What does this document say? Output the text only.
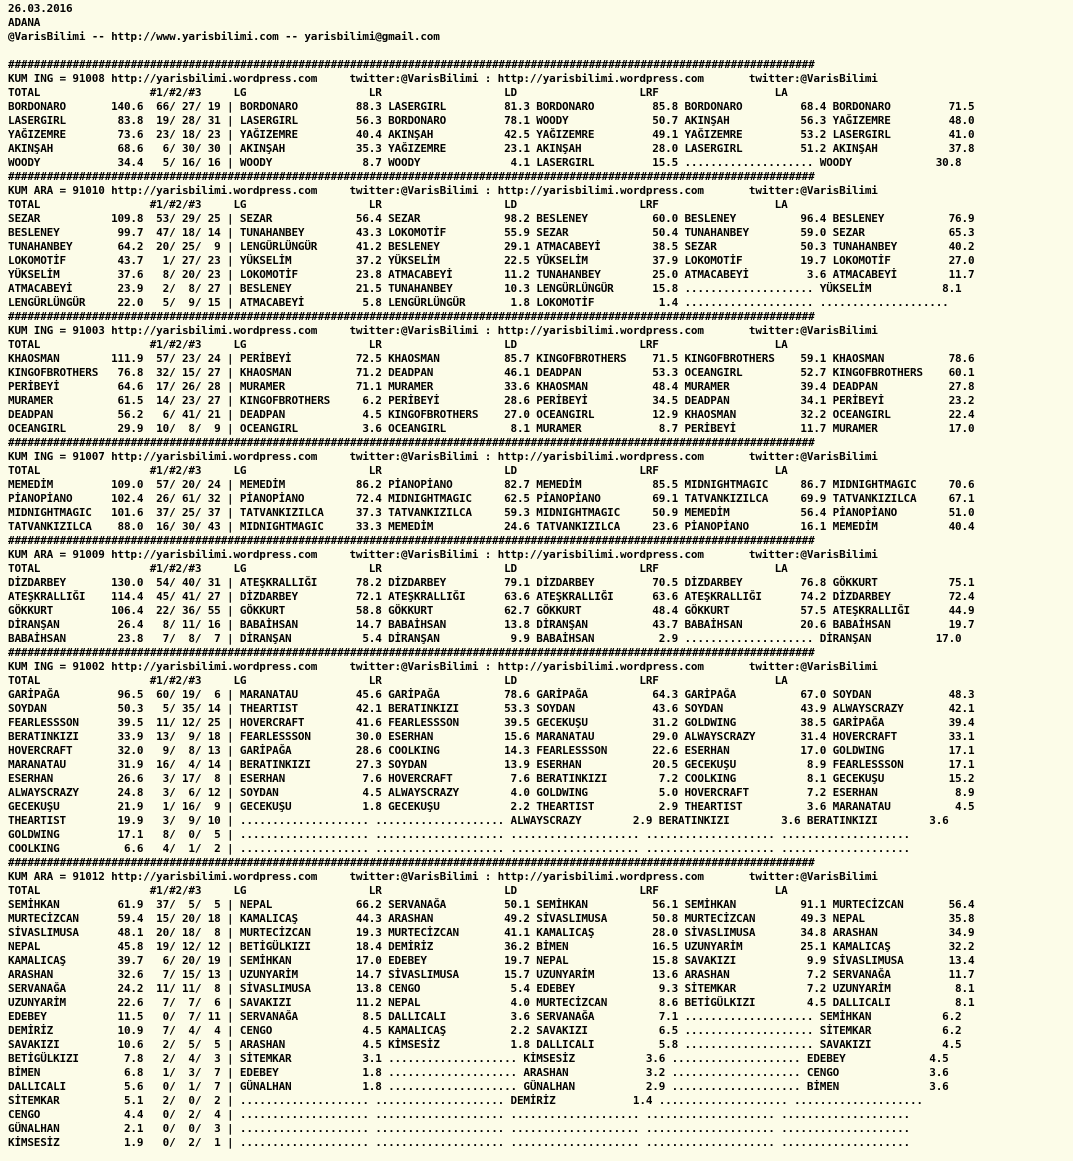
26.03.2016
ADANA
@VarisBilimi -- http://www.yarisbilimi.com -- yarisbilimi@gmail.com

#############################################################################################################################
KUM ING = 91008 http://yarisbilimi.wordpress.com     twitter:@VarisBilimi : http://yarisbilimi.wordpress.com       twitter:@VarisBilimi
TOTAL                 #1/#2/#3     LG                   LR                   LD                   LRF                  LA
BORDONARO       140.6  66/ 27/ 19 | BORDONARO         88.3 LASERGIRL         81.3 BORDONARO         85.8 BORDONARO         68.4 BORDONARO         71.5
LASERGIRL        83.8  19/ 28/ 31 | LASERGIRL         56.3 BORDONARO         78.1 WOODY             50.7 AKINŞAH           56.3 YAĞIZEMRE         48.0
YAĞIZEMRE        73.6  23/ 18/ 23 | YAĞIZEMRE         40.4 AKINŞAH           42.5 YAĞIZEMRE         49.1 YAĞIZEMRE         53.2 LASERGIRL         41.0
AKINŞAH          68.6   6/ 30/ 30 | AKINŞAH           35.3 YAĞIZEMRE         23.1 AKINŞAH           28.0 LASERGIRL         51.2 AKINŞAH           37.8
WOODY            34.4   5/ 16/ 16 | WOODY              8.7 WOODY              4.1 LASERGIRL         15.5 .................... WOODY             30.8
#############################################################################################################################
KUM ARA = 91010 http://yarisbilimi.wordpress.com     twitter:@VarisBilimi : http://yarisbilimi.wordpress.com       twitter:@VarisBilimi
TOTAL                 #1/#2/#3     LG                   LR                   LD                   LRF                  LA
SEZAR           109.8  53/ 29/ 25 | SEZAR             56.4 SEZAR             98.2 BESLENEY          60.0 BESLENEY          96.4 BESLENEY          76.9
BESLENEY         99.7  47/ 18/ 14 | TUNAHANBEY        43.3 LOKOMOTİF         55.9 SEZAR             50.4 TUNAHANBEY        59.0 SEZAR             65.3
TUNAHANBEY       64.2  20/ 25/  9 | LENGÜRLÜNGÜR      41.2 BESLENEY          29.1 ATMACABEYİ        38.5 SEZAR             50.3 TUNAHANBEY        40.2
LOKOMOTİF        43.7   1/ 27/ 23 | YÜKSELİM          37.2 YÜKSELİM          22.5 YÜKSELİM          37.9 LOKOMOTİF         19.7 LOKOMOTİF         27.0
YÜKSELİM         37.6   8/ 20/ 23 | LOKOMOTİF         23.8 ATMACABEYİ        11.2 TUNAHANBEY        25.0 ATMACABEYİ         3.6 ATMACABEYİ        11.7
ATMACABEYİ       23.9   2/  8/ 27 | BESLENEY          21.5 TUNAHANBEY        10.3 LENGÜRLÜNGÜR      15.8 .................... YÜKSELİM           8.1
LENGÜRLÜNGÜR     22.0   5/  9/ 15 | ATMACABEYİ         5.8 LENGÜRLÜNGÜR       1.8 LOKOMOTİF          1.4 .................... ....................
#############################################################################################################################
KUM ING = 91003 http://yarisbilimi.wordpress.com     twitter:@VarisBilimi : http://yarisbilimi.wordpress.com       twitter:@VarisBilimi
TOTAL                 #1/#2/#3     LG                   LR                   LD                   LRF                  LA
KHAOSMAN        111.9  57/ 23/ 24 | PERİBEYİ          72.5 KHAOSMAN          85.7 KINGOFBROTHERS    71.5 KINGOFBROTHERS    59.1 KHAOSMAN          78.6
KINGOFBROTHERS   76.8  32/ 15/ 27 | KHAOSMAN          71.2 DEADPAN           46.1 DEADPAN           53.3 OCEANGIRL         52.7 KINGOFBROTHERS    60.1
PERİBEYİ         64.6  17/ 26/ 28 | MURAMER           71.1 MURAMER           33.6 KHAOSMAN          48.4 MURAMER           39.4 DEADPAN           27.8
MURAMER          61.5  14/ 23/ 27 | KINGOFBROTHERS     6.2 PERİBEYİ          28.6 PERİBEYİ          34.5 DEADPAN           34.1 PERİBEYİ          23.2
DEADPAN          56.2   6/ 41/ 21 | DEADPAN            4.5 KINGOFBROTHERS    27.0 OCEANGIRL         12.9 KHAOSMAN          32.2 OCEANGIRL         22.4
OCEANGIRL        29.9  10/  8/  9 | OCEANGIRL          3.6 OCEANGIRL          8.1 MURAMER            8.7 PERİBEYİ          11.7 MURAMER           17.0
#############################################################################################################################
KUM ING = 91007 http://yarisbilimi.wordpress.com     twitter:@VarisBilimi : http://yarisbilimi.wordpress.com       twitter:@VarisBilimi
TOTAL                 #1/#2/#3     LG                   LR                   LD                   LRF                  LA
MEMEDİM         109.0  57/ 20/ 24 | MEMEDİM           86.2 PİANOPİANO        82.7 MEMEDİM           85.5 MIDNIGHTMAGIC     86.7 MIDNIGHTMAGIC     70.6
PİANOPİANO      102.4  26/ 61/ 32 | PİANOPİANO        72.4 MIDNIGHTMAGIC     62.5 PİANOPİANO        69.1 TATVANKIZILCA     69.9 TATVANKIZILCA     67.1
MIDNIGHTMAGIC   101.6  37/ 25/ 37 | TATVANKIZILCA     37.3 TATVANKIZILCA     59.3 MIDNIGHTMAGIC     50.9 MEMEDİM           56.4 PİANOPİANO        51.0
TATVANKIZILCA    88.0  16/ 30/ 43 | MIDNIGHTMAGIC     33.3 MEMEDİM           24.6 TATVANKIZILCA     23.6 PİANOPİANO        16.1 MEMEDİM           40.4
#############################################################################################################################
KUM ARA = 91009 http://yarisbilimi.wordpress.com     twitter:@VarisBilimi : http://yarisbilimi.wordpress.com       twitter:@VarisBilimi
TOTAL                 #1/#2/#3     LG                   LR                   LD                   LRF                  LA
DİZDARBEY       130.0  54/ 40/ 31 | ATEŞKRALLIĞI      78.2 DİZDARBEY         79.1 DİZDARBEY         70.5 DİZDARBEY         76.8 GÖKKURT           75.1
ATEŞKRALLIĞI    114.4  45/ 41/ 27 | DİZDARBEY         72.1 ATEŞKRALLIĞI      63.6 ATEŞKRALLIĞI      63.6 ATEŞKRALLIĞI      74.2 DİZDARBEY         72.4
GÖKKURT         106.4  22/ 36/ 55 | GÖKKURT           58.8 GÖKKURT           62.7 GÖKKURT           48.4 GÖKKURT           57.5 ATEŞKRALLIĞI      44.9
DİRANŞAN         26.4   8/ 11/ 16 | BABAİHSAN         14.7 BABAİHSAN         13.8 DİRANŞAN          43.7 BABAİHSAN         20.6 BABAİHSAN         19.7
BABAİHSAN        23.8   7/  8/  7 | DİRANŞAN           5.4 DİRANŞAN           9.9 BABAİHSAN          2.9 .................... DİRANŞAN          17.0
#############################################################################################################################
KUM ING = 91002 http://yarisbilimi.wordpress.com     twitter:@VarisBilimi : http://yarisbilimi.wordpress.com       twitter:@VarisBilimi
TOTAL                 #1/#2/#3     LG                   LR                   LD                   LRF                  LA
GARİPAĞA         96.5  60/ 19/  6 | MARANATAU         45.6 GARİPAĞA          78.6 GARİPAĞA          64.3 GARİPAĞA          67.0 SOYDAN            48.3
SOYDAN           50.3   5/ 35/ 14 | THEARTIST         42.1 BERATINKIZI       53.3 SOYDAN            43.6 SOYDAN            43.9 ALWAYSCRAZY       42.1
FEARLESSSON      39.5  11/ 12/ 25 | HOVERCRAFT        41.6 FEARLESSSON       39.5 GECEKUŞU          31.2 GOLDWING          38.5 GARİPAĞA          39.4
BERATINKIZI      33.9  13/  9/ 18 | FEARLESSSON       30.0 ESERHAN           15.6 MARANATAU         29.0 ALWAYSCRAZY       31.4 HOVERCRAFT        33.1
HOVERCRAFT       32.0   9/  8/ 13 | GARİPAĞA          28.6 COOLKING          14.3 FEARLESSSON       22.6 ESERHAN           17.0 GOLDWING          17.1
MARANATAU        31.9  16/  4/ 14 | BERATINKIZI       27.3 SOYDAN            13.9 ESERHAN           20.5 GECEKUŞU           8.9 FEARLESSSON       17.1
ESERHAN          26.6   3/ 17/  8 | ESERHAN            7.6 HOVERCRAFT         7.6 BERATINKIZI        7.2 COOLKING           8.1 GECEKUŞU          15.2
ALWAYSCRAZY      24.8   3/  6/ 12 | SOYDAN             4.5 ALWAYSCRAZY        4.0 GOLDWING           5.0 HOVERCRAFT         7.2 ESERHAN            8.9
GECEKUŞU         21.9   1/ 16/  9 | GECEKUŞU           1.8 GECEKUŞU           2.2 THEARTIST          2.9 THEARTIST          3.6 MARANATAU          4.5
THEARTIST        19.9   3/  9/ 10 | .................... .................... ALWAYSCRAZY        2.9 BERATINKIZI        3.6 BERATINKIZI        3.6
GOLDWING         17.1   8/  0/  5 | .................... .................... .................... .................... ....................
COOLKING          6.6   4/  1/  2 | .................... .................... .................... .................... ....................
#############################################################################################################################
KUM ARA = 91012 http://yarisbilimi.wordpress.com     twitter:@VarisBilimi : http://yarisbilimi.wordpress.com       twitter:@VarisBilimi
TOTAL                 #1/#2/#3     LG                   LR                   LD                   LRF                  LA
SEMİHKAN         61.9  37/  5/  5 | NEPAL             66.2 SERVANAĞA         50.1 SEMİHKAN          56.1 SEMİHKAN          91.1 MURTECİZCAN       56.4
MURTECİZCAN      59.4  15/ 20/ 18 | KAMALICAŞ         44.3 ARASHAN           49.2 SİVASLIMUSA       50.8 MURTECİZCAN       49.3 NEPAL             35.8
SİVASLIMUSA      48.1  20/ 18/  8 | MURTECİZCAN       19.3 MURTECİZCAN       41.1 KAMALICAŞ         28.0 SİVASLIMUSA       34.8 ARASHAN           34.9
NEPAL            45.8  19/ 12/ 12 | BETİGÜLKIZI       18.4 DEMİRİZ           36.2 BİMEN             16.5 UZUNYARİM         25.1 KAMALICAŞ         32.2
KAMALICAŞ        39.7   6/ 20/ 19 | SEMİHKAN          17.0 EDEBEY            19.7 NEPAL             15.8 SAVAKIZI           9.9 SİVASLIMUSA       13.4
ARASHAN          32.6   7/ 15/ 13 | UZUNYARİM         14.7 SİVASLIMUSA       15.7 UZUNYARİM         13.6 ARASHAN            7.2 SERVANAĞA         11.7
SERVANAĞA        24.2  11/ 11/  8 | SİVASLIMUSA       13.8 CENGO              5.4 EDEBEY             9.3 SİTEMKAR           7.2 UZUNYARİM          8.1
UZUNYARİM        22.6   7/  7/  6 | SAVAKIZI          11.2 NEPAL              4.0 MURTECİZCAN        8.6 BETİGÜLKIZI        4.5 DALLICALI          8.1
EDEBEY           11.5   0/  7/ 11 | SERVANAĞA          8.5 DALLICALI          3.6 SERVANAĞA          7.1 .................... SEMİHKAN           6.2
DEMİRİZ          10.9   7/  4/  4 | CENGO              4.5 KAMALICAŞ          2.2 SAVAKIZI           6.5 .................... SİTEMKAR           6.2
SAVAKIZI         10.6   2/  5/  5 | ARASHAN            4.5 KİMSESİZ           1.8 DALLICALI          5.8 .................... SAVAKIZI           4.5
BETİGÜLKIZI       7.8   2/  4/  3 | SİTEMKAR           3.1 .................... KİMSESİZ           3.6 .................... EDEBEY             4.5
BİMEN             6.8   1/  3/  7 | EDEBEY             1.8 .................... ARASHAN            3.2 .................... CENGO              3.6
DALLICALI         5.6   0/  1/  7 | GÜNALHAN           1.8 .................... GÜNALHAN           2.9 .................... BİMEN              3.6
SİTEMKAR          5.1   2/  0/  2 | .................... .................... DEMİRİZ            1.4 .................... ....................
CENGO             4.4   0/  2/  4 | .................... .................... .................... .................... ....................
GÜNALHAN          2.1   0/  0/  3 | .................... .................... .................... .................... ....................
KİMSESİZ          1.9   0/  2/  1 | .................... .................... .................... .................... ....................
